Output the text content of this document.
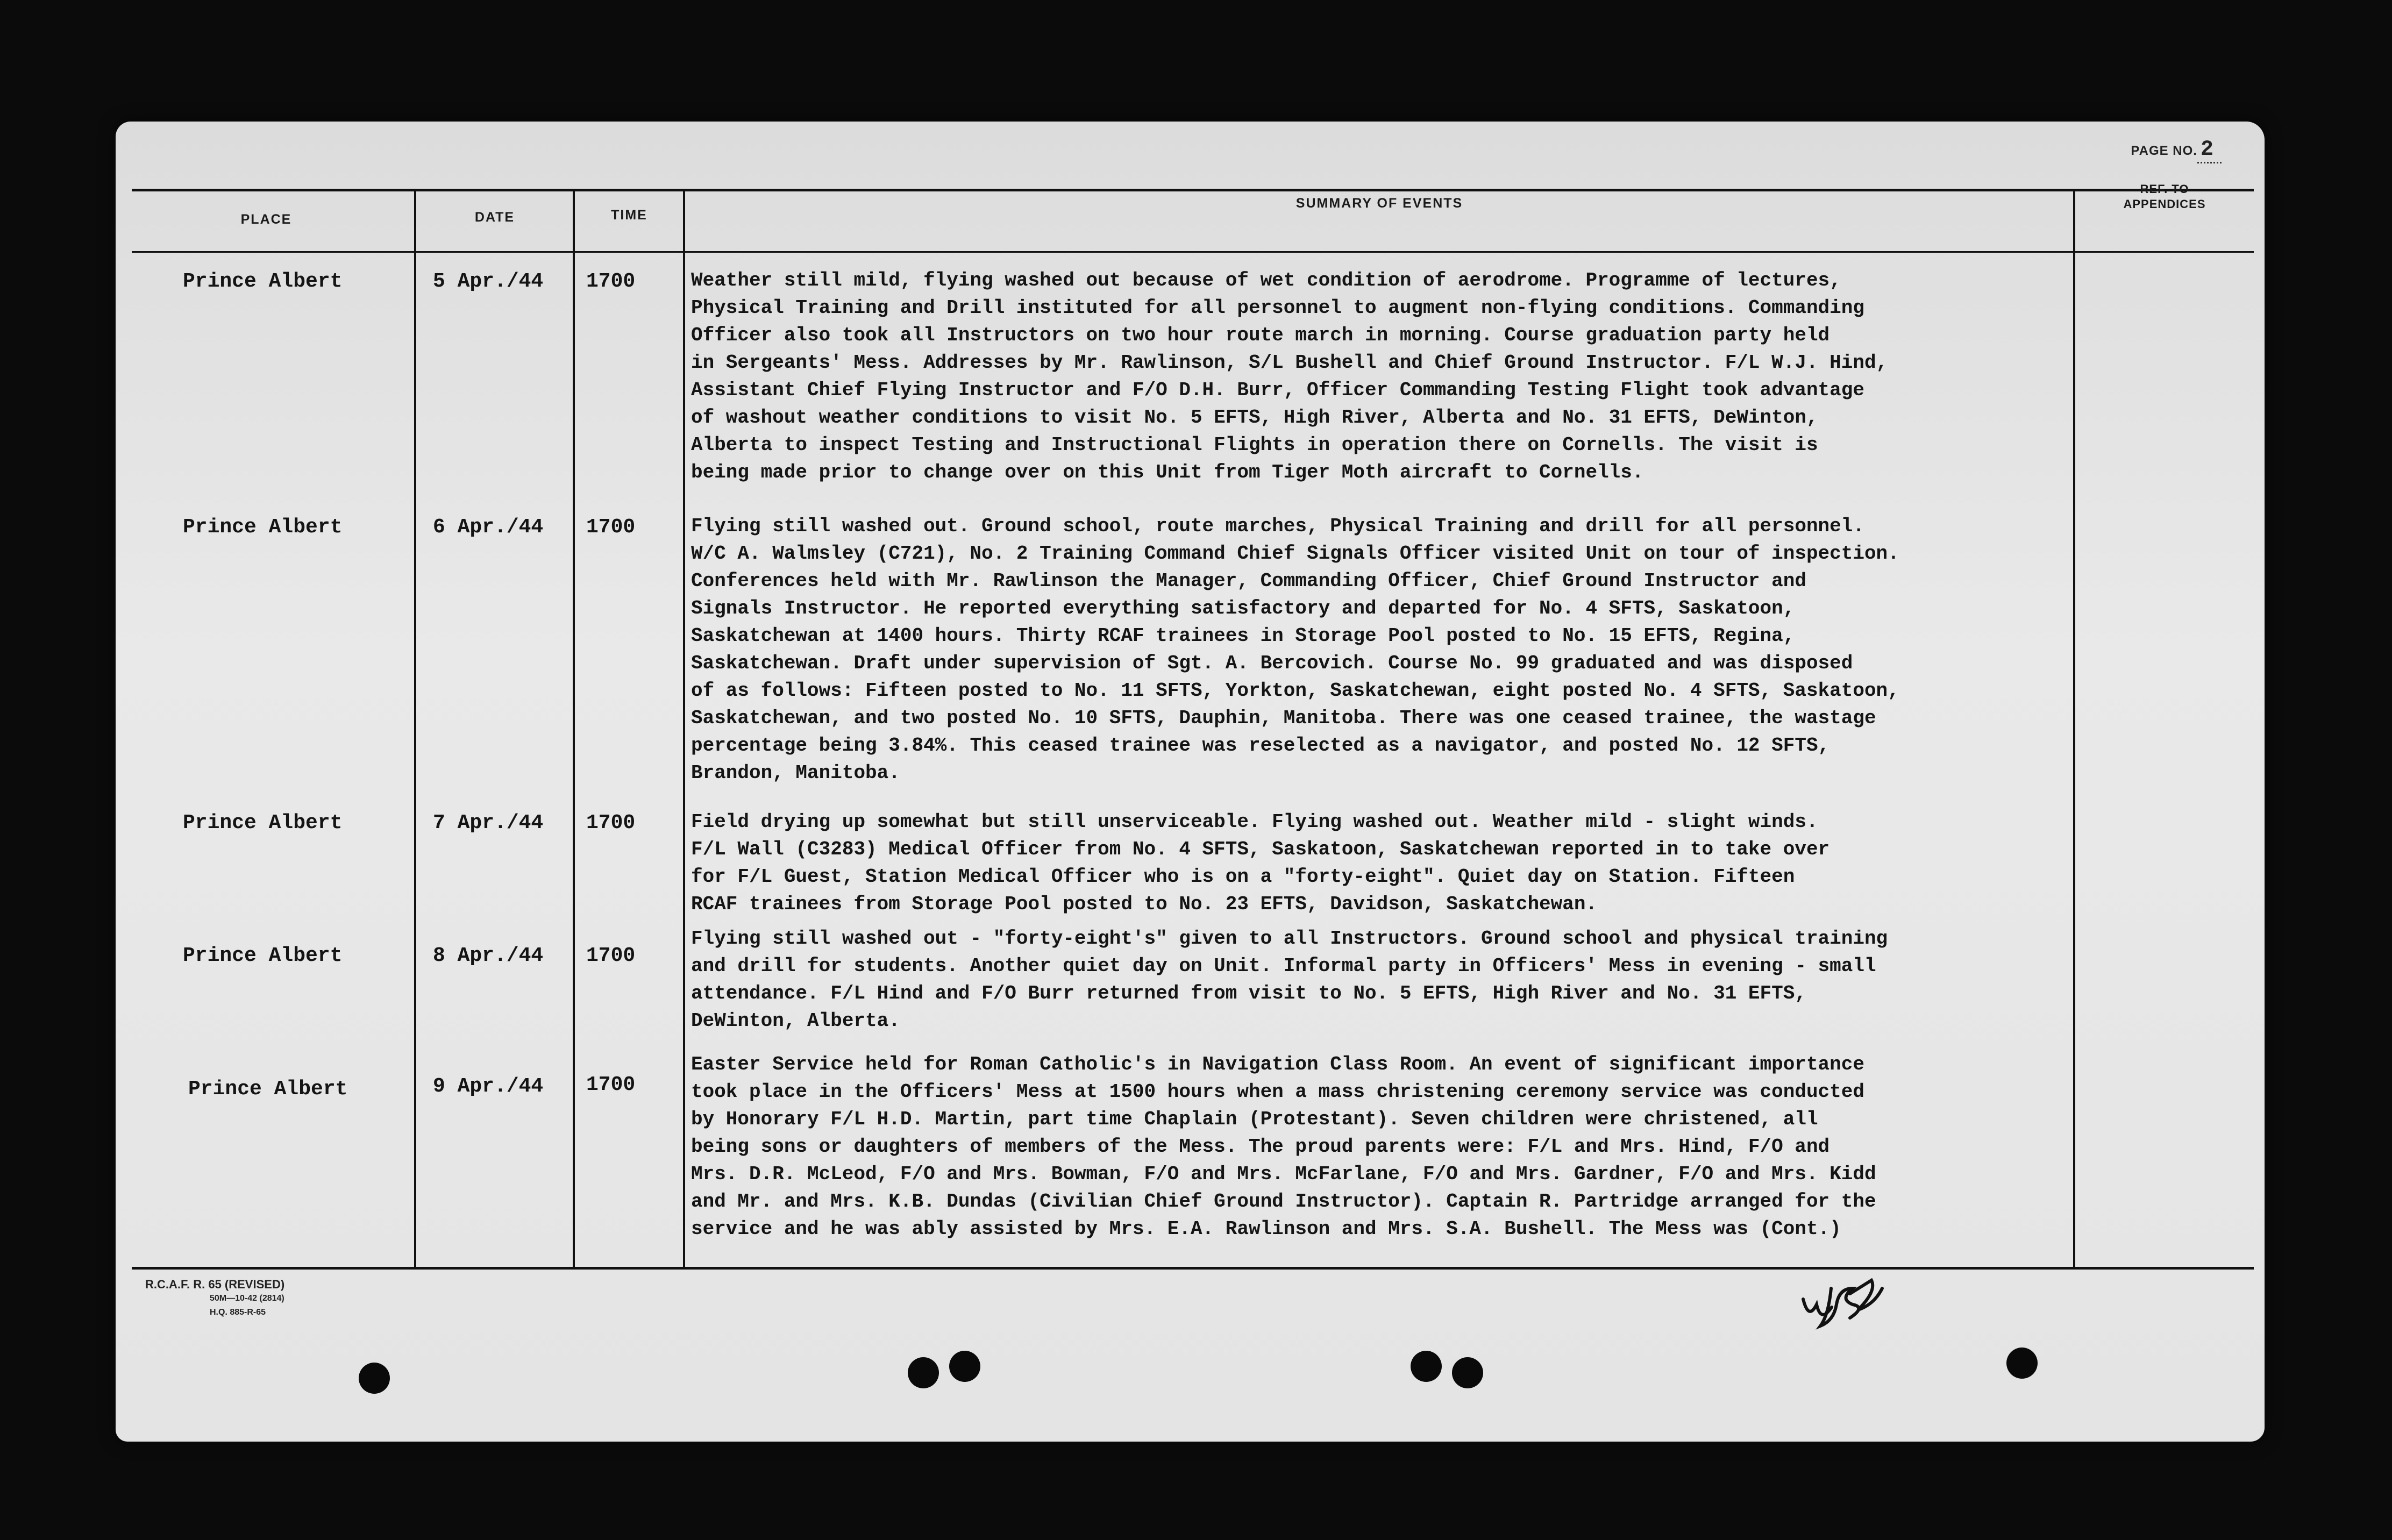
PAGE NO. 2
PLACE	DATE	TIME
SUMMARY OF EVENTS
REF. TO
APPENDICES
Prince Albert	5 Apr./44 1700	Weather still mild, flying washed out because of wet condition of aerodrome. Programme of lectures,
Physical Training and Drill instituted for all personnel to augment non-flying conditions. Commanding
Officer also took all Instructors on two hour route march in morning. Course graduation party held
in Sergeants' Mess. Addresses by Mr. Rawlinson, S/L Bushell and Chief Ground Instructor. F/L W.J. Hind,
Assistant Chief Flying Instructor and F/O D.H. Burr, Officer Commanding Testing Flight took advantage
of washout weather conditions to visit No. 5 EFTS, High River, Alberta and No. 31 EFTS, DeWinton,
Alberta to inspect Testing and Instructional Flights in operation there on Cornells. The visit is
being made prior to change over on this Unit from Tiger Moth aircraft to Cornells.
Prince Albert	6 Apr./44 1700	Flying still washed out. Ground school, route marches, Physical Training and drill for all personnel.
W/C A. Walmsley (C721), No. 2 Training Command Chief Signals Officer visited Unit on tour of inspection.
Conferences held with Mr. Rawlinson the Manager, Commanding Officer, Chief Ground Instructor and
Signals Instructor. He reported everything satisfactory and departed for No. 4 SFTS, Saskatoon,
Saskatchewan at 1400 hours. Thirty RCAF trainees in Storage Pool posted to No. 15 EFTS, Regina,
Saskatchewan. Draft under supervision of Sgt. A. Bercovich. Course No. 99 graduated and was disposed
of as follows: Fifteen posted to No. 11 SFTS, Yorkton, Saskatchewan, eight posted No. 4 SFTS, Saskatoon,
Saskatchewan, and two posted No. 10 SFTS, Dauphin, Manitoba. There was one ceased trainee, the wastage
percentage being 3.84%. This ceased trainee was reselected as a navigator, and posted No. 12 SFTS,
Brandon, Manitoba.
Prince Albert	7 Apr./44 1700	Field drying up somewhat but still unserviceable. Flying washed out. Weather mild - slight winds.
F/L Wall (C3283) Medical Officer from No. 4 SFTS, Saskatoon, Saskatchewan reported in to take over
for F/L Guest, Station Medical Officer who is on a "forty-eight". Quiet day on Station. Fifteen
RCAF trainees from Storage Pool posted to No. 23 EFTS, Davidson, Saskatchewan.
Prince Albert	8 Apr./44 1700
Flying still washed out - "forty-eight's" given to all Instructors. Ground school and physical training
and drill for students. Another quiet day on Unit. Informal party in Officers' Mess in evening - small
attendance. F/L Hind and F/O Burr returned from visit to No. 5 EFTS, High River and No. 31 EFTS,
DeWinton, Alberta.
Prince Albert	9 Apr./44 1700
Easter Service held for Roman Catholic's in Navigation Class Room. An event of significant importance
took place in the Officers' Mess at 1500 hours when a mass christening ceremony service was conducted
by Honorary F/L H.D. Martin, part time Chaplain (Protestant). Seven children were christened, all
being sons or daughters of members of the Mess. The proud parents were: F/L and Mrs. Hind, F/O and
Mrs. D.R. McLeod, F/O and Mrs. Bowman, F/O and Mrs. McFarlane, F/O and Mrs. Gardner, F/O and Mrs. Kidd
and Mr. and Mrs. K.B. Dundas (Civilian Chief Ground Instructor). Captain R. Partridge arranged for the
service and he was ably assisted by Mrs. E.A. Rawlinson and Mrs. S.A. Bushell. The Mess was (Cont.)
R.C.A.F. R. 65 (REVISED)

50M—10-42 (2814)
H.Q. 885-R-65
